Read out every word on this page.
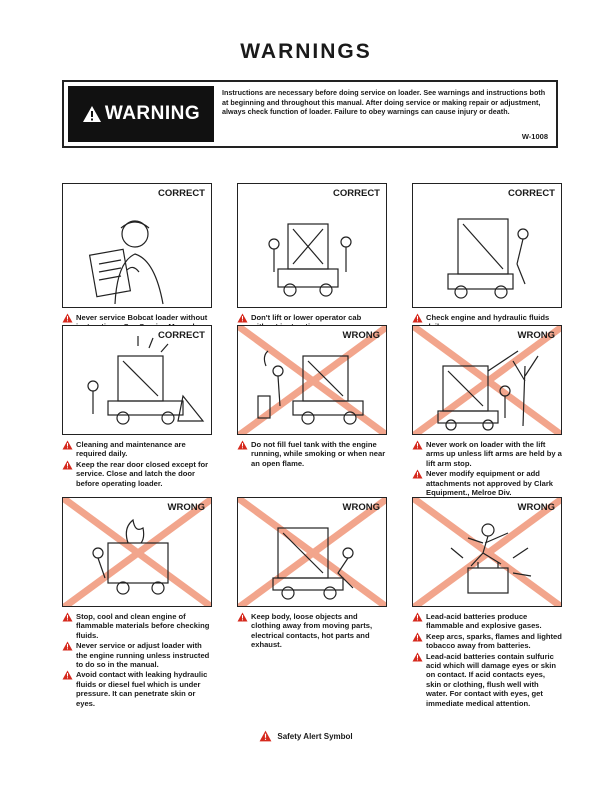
WARNINGS
WARNING
Instructions are necessary before doing service on loader. See warnings and instructions both at beginning and throughout this manual. After doing service or making repair or adjustment, always check function of loader. Failure to obey warnings can cause injury or death.
W-1008
CORRECT
Never service Bobcat loader without
CORRECT
Don't lift or lower operator cab
CORRECT
Check engine and hydraulic fluids
CORRECT
Cleaning and maintenance are required daily.
Keep the rear door closed except for service. Close and latch the door before operating loader.
WRONG
Do not fill fuel tank with the engine running, while smoking or when near an open flame.
WRONG
Never work on loader with the lift arms up unless lift arms are held by a lift arm stop.
Never modify equipment or add attachments not approved by Clark Equipment., Melroe Div.
WRONG
Stop, cool and clean engine of flammable materials before checking fluids.
Never service or adjust loader with the engine running unless instructed to do so in the manual.
Avoid contact with leaking hydraulic fluids or diesel fuel which is under pressure. It can penetrate skin or eyes.
WRONG
Keep body, loose objects and clothing away from moving parts, electrical contacts, hot parts and exhaust.
WRONG
Lead-acid batteries produce flammable and explosive gases.
Keep arcs, sparks, flames and lighted tobacco away from batteries.
Lead-acid batteries contain sulfuric acid which will damage eyes or skin on contact. If acid contacts eyes, skin or clothing, flush well with water. For contact with eyes, get immediate medical attention.
Safety Alert Symbol
